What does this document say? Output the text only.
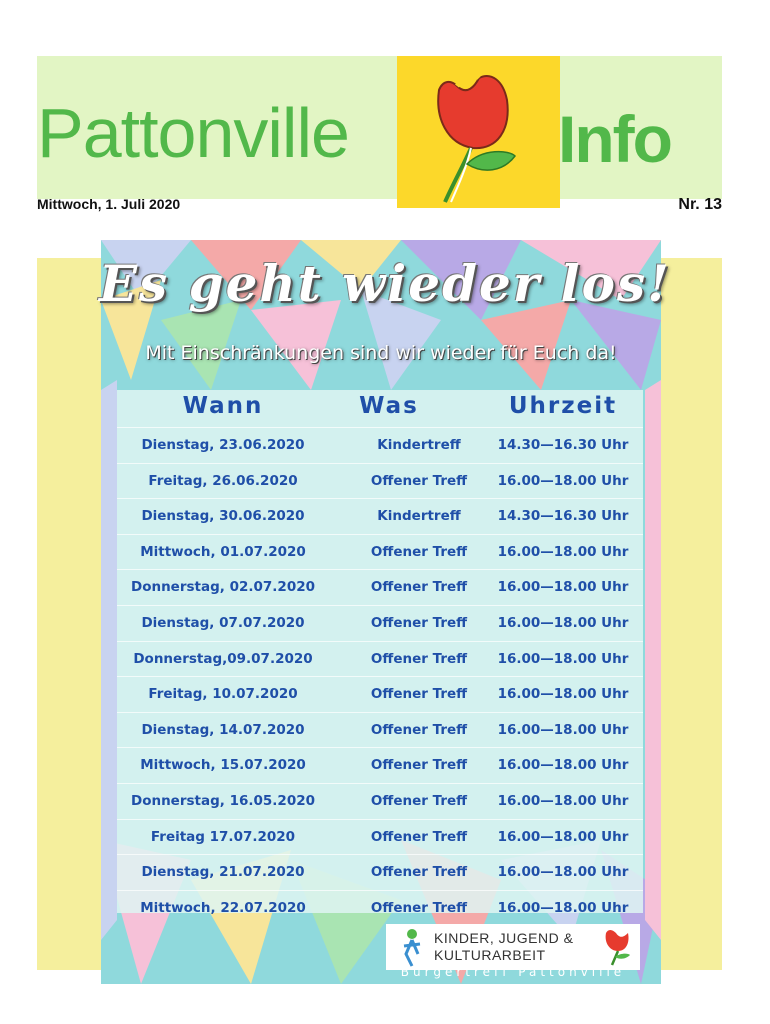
Pattonville	Info
Mittwoch, 1. Juli 2020	Nr. 13
Es geht wieder los!
Mit Einschränkungen sind wir wieder für Euch da!
Wann	Was	Uhrzeit
Dienstag, 23.06.2020	Kindertreff	14.30—16.30 Uhr
Freitag, 26.06.2020	Offener Treff	16.00—18.00 Uhr
Dienstag, 30.06.2020	Kindertreff	14.30—16.30 Uhr
Mittwoch, 01.07.2020	Offener Treff	16.00—18.00 Uhr
Donnerstag, 02.07.2020	Offener Treff	16.00—18.00 Uhr
Dienstag, 07.07.2020	Offener Treff	16.00—18.00 Uhr
Donnerstag,09.07.2020	Offener Treff	16.00—18.00 Uhr
Freitag, 10.07.2020	Offener Treff	16.00—18.00 Uhr
Dienstag, 14.07.2020	Offener Treff	16.00—18.00 Uhr
Mittwoch, 15.07.2020	Offener Treff	16.00—18.00 Uhr
Donnerstag, 16.05.2020	Offener Treff	16.00—18.00 Uhr
Freitag 17.07.2020	Offener Treff	16.00—18.00 Uhr
Dienstag, 21.07.2020	Offener Treff	16.00—18.00 Uhr
Mittwoch, 22.07.2020	Offener Treff	16.00—18.00 Uhr
KINDER, JUGEND &
KULTURARBEIT
Bürgertreff Pattonville
